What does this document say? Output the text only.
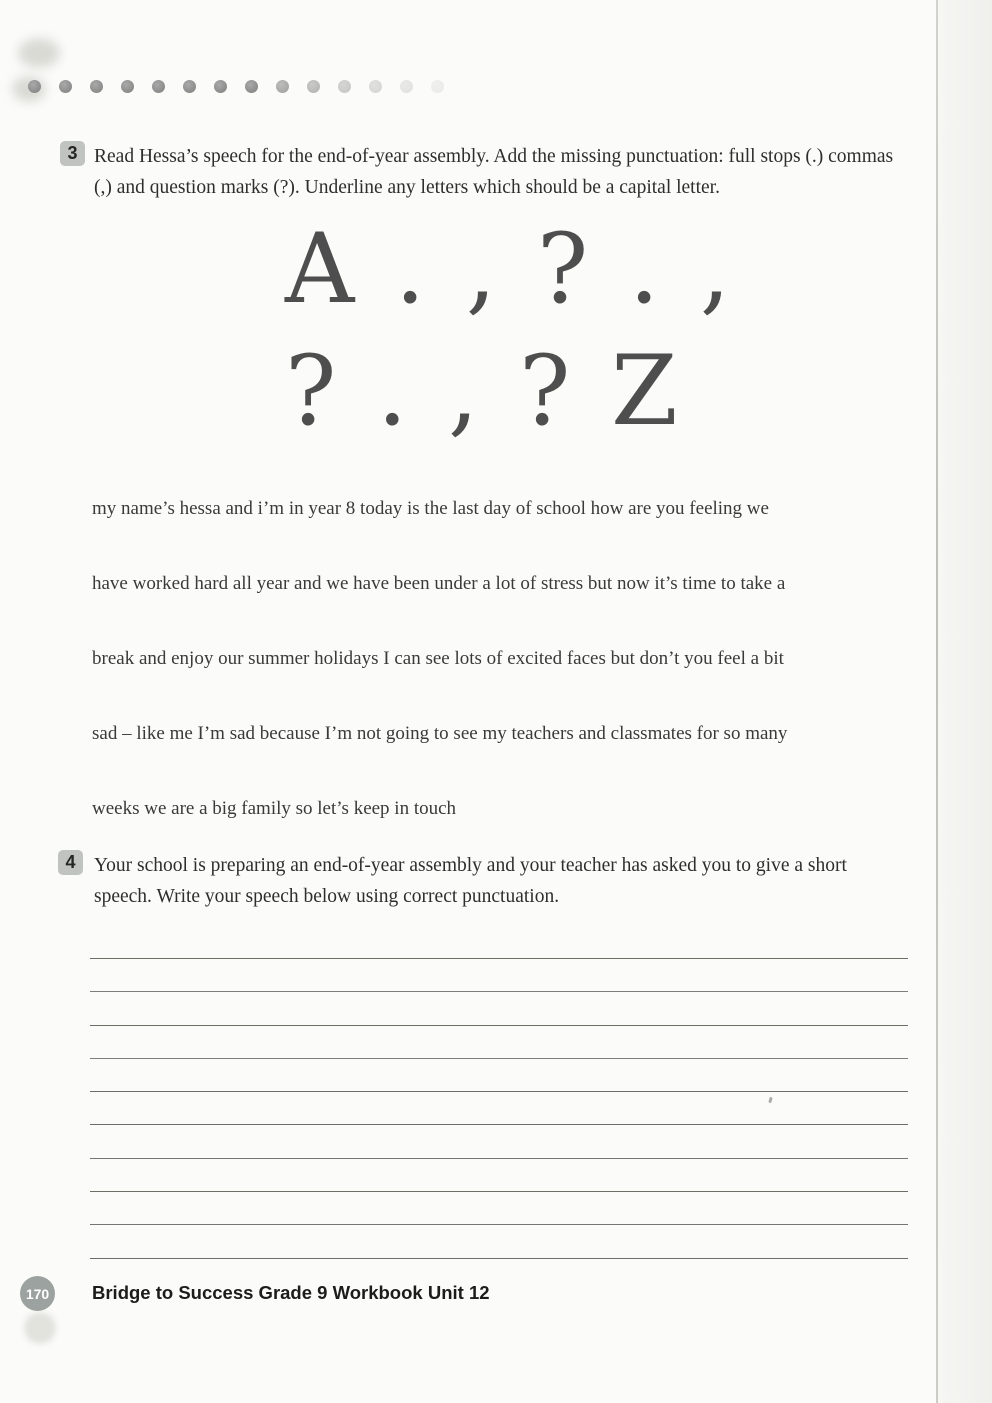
3 Read Hessa’s speech for the end-of-year assembly. Add the missing punctuation: full stops (.) commas (,) and question marks (?). Underline any letters which should be a capital letter.

A . , ? . ,
? . , ? Z

my name’s hessa and i’m in year 8 today is the last day of school how are you feeling we

have worked hard all year and we have been under a lot of stress but now it’s time to take a

break and enjoy our summer holidays I can see lots of excited faces but don’t you feel a bit

sad – like me I’m sad because I’m not going to see my teachers and classmates for so many

weeks we are a big family so let’s keep in touch

4 Your school is preparing an end-of-year assembly and your teacher has asked you to give a short speech. Write your speech below using correct punctuation.

170	Bridge to Success Grade 9 Workbook Unit 12
